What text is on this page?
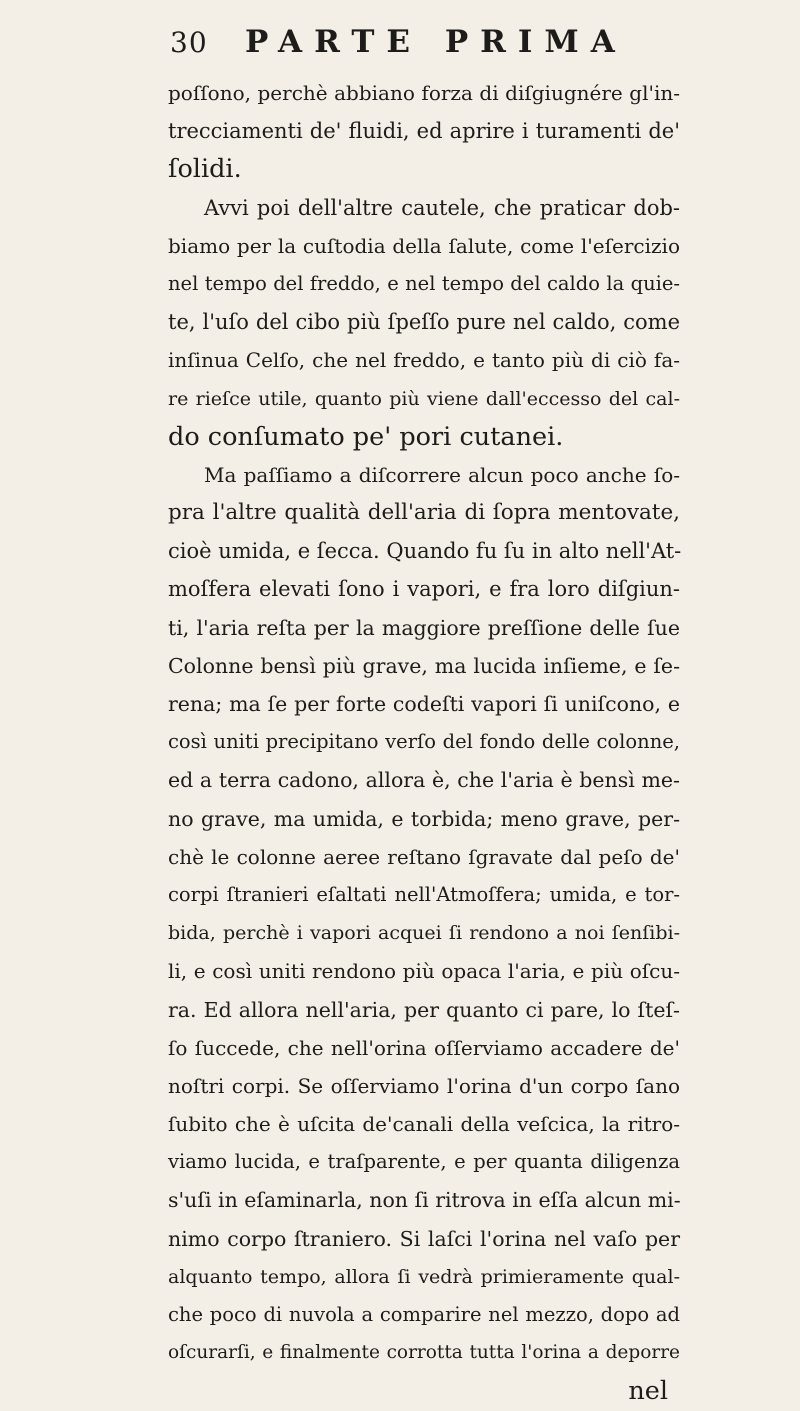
30 PARTE PRIMA
poſſono, perchè abbiano forza di diſgiugnére gl'in-
trecciamenti de' fluidi, ed aprire i turamenti de'
ſolidi.
Avvi poi dell'altre cautele, che praticar dob-
biamo per la cuſtodia della ſalute, come l'eſercizio
nel tempo del freddo, e nel tempo del caldo la quie-
te, l'uſo del cibo più ſpeſſo pure nel caldo, come
inſinua Celſo, che nel freddo, e tanto più di ciò fa-
re rieſce utile, quanto più viene dall'eccesso del cal-
do conſumato pe' pori cutanei.
Ma paſſiamo a diſcorrere alcun poco anche ſo-
pra l'altre qualità dell'aria di ſopra mentovate,
cioè umida, e ſecca. Quando fu ſu in alto nell'At-
moſfera elevati ſono i vapori, e fra loro diſgiun-
ti, l'aria reſta per la maggiore preſſione delle ſue
Colonne bensì più grave, ma lucida inſieme, e ſe-
rena; ma ſe per forte codeſti vapori ſi uniſcono, e
così uniti precipitano verſo del fondo delle colonne,
ed a terra cadono, allora è, che l'aria è bensì me-
no grave, ma umida, e torbida; meno grave, per-
chè le colonne aeree reſtano ſgravate dal peſo de'
corpi ſtranieri eſaltati nell'Atmoſfera; umida, e tor-
bida, perchè i vapori acquei ſi rendono a noi ſenſibi-
li, e così uniti rendono più opaca l'aria, e più oſcu-
ra. Ed allora nell'aria, per quanto ci pare, lo ſteſ-
ſo ſuccede, che nell'orina oſſerviamo accadere de'
noſtri corpi. Se oſſerviamo l'orina d'un corpo ſano
ſubito che è uſcita de'canali della veſcica, la ritro-
viamo lucida, e traſparente, e per quanta diligenza
s'uſi in eſaminarla, non ſi ritrova in eſſa alcun mi-
nimo corpo ſtraniero. Si laſci l'orina nel vaſo per
alquanto tempo, allora ſi vedrà primieramente qual-
che poco di nuvola a comparire nel mezzo, dopo ad
oſcurarſi, e finalmente corrotta tutta l'orina a deporre
nel
